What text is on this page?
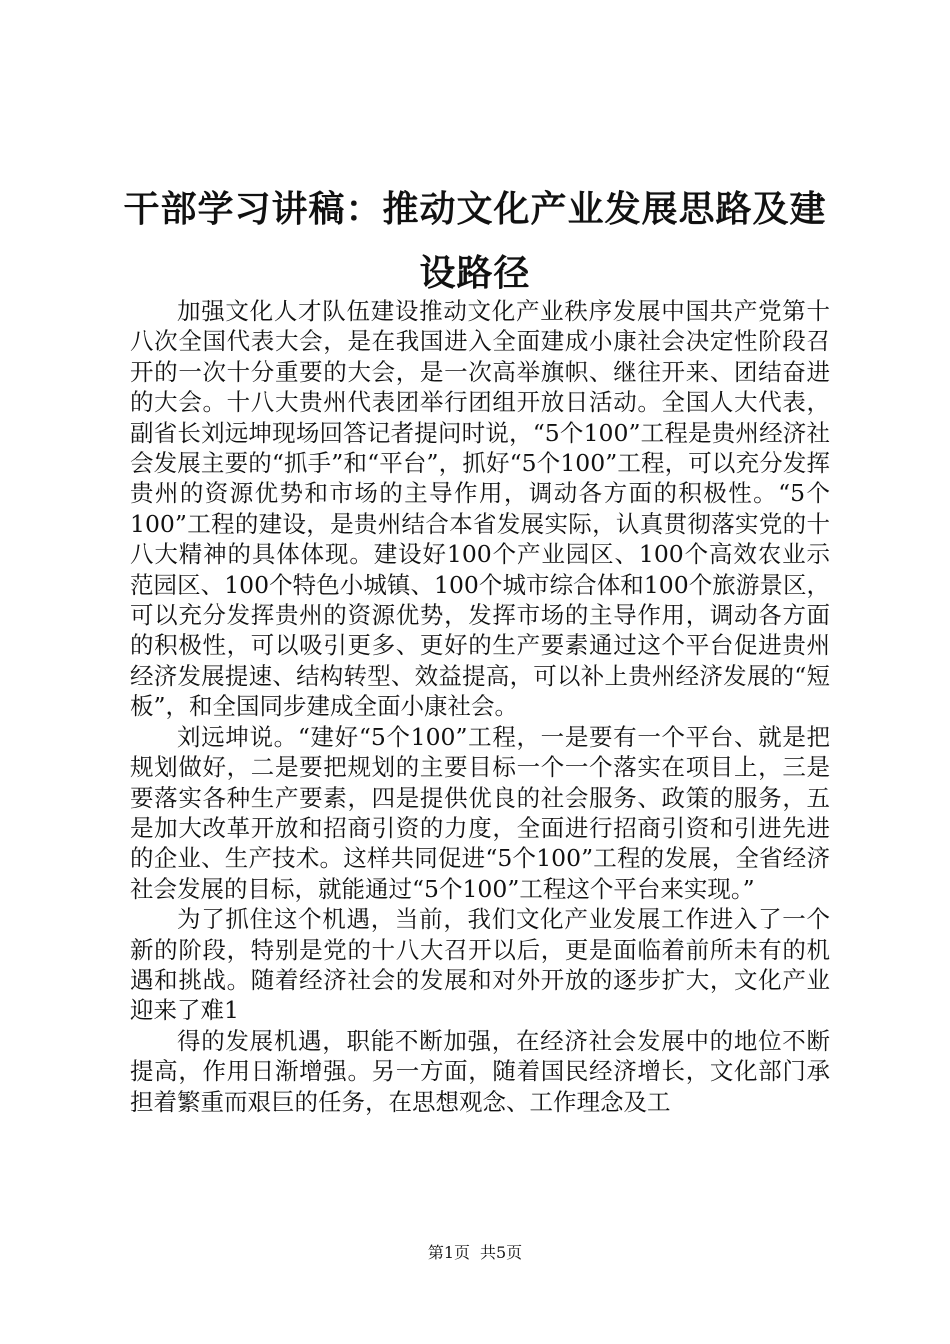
干部学习讲稿：推动文化产业发展思路及建设路径

加强文化人才队伍建设推动文化产业秩序发展中国共产党第十八次全国代表大会，是在我国进入全面建成小康社会决定性阶段召开的一次十分重要的大会，是一次高举旗帜、继往开来、团结奋进的大会。十八大贵州代表团举行团组开放日活动。全国人大代表，副省长刘远坤现场回答记者提问时说，“5个100”工程是贵州经济社会发展主要的“抓手”和“平台”，抓好“5个100”工程，可以充分发挥贵州的资源优势和市场的主导作用，调动各方面的积极性。“5个100”工程的建设，是贵州结合本省发展实际，认真贯彻落实党的十八大精神的具体体现。建设好100个产业园区、100个高效农业示范园区、100个特色小城镇、100个城市综合体和100个旅游景区，可以充分发挥贵州的资源优势，发挥市场的主导作用，调动各方面的积极性，可以吸引更多、更好的生产要素通过这个平台促进贵州经济发展提速、结构转型、效益提高，可以补上贵州经济发展的“短板”，和全国同步建成全面小康社会。

刘远坤说。“建好“5个100”工程，一是要有一个平台、就是把规划做好，二是要把规划的主要目标一个一个落实在项目上，三是要落实各种生产要素，四是提供优良的社会服务、政策的服务，五是加大改革开放和招商引资的力度，全面进行招商引资和引进先进的企业、生产技术。这样共同促进“5个100”工程的发展，全省经济社会发展的目标，就能通过“5个100”工程这个平台来实现。”

为了抓住这个机遇，当前，我们文化产业发展工作进入了一个新的阶段，特别是党的十八大召开以后，更是面临着前所未有的机遇和挑战。随着经济社会的发展和对外开放的逐步扩大，文化产业迎来了难1

得的发展机遇，职能不断加强，在经济社会发展中的地位不断提高，作用日渐增强。另一方面，随着国民经济增长，文化部门承担着繁重而艰巨的任务，在思想观念、工作理念及工

第1页 共5页
